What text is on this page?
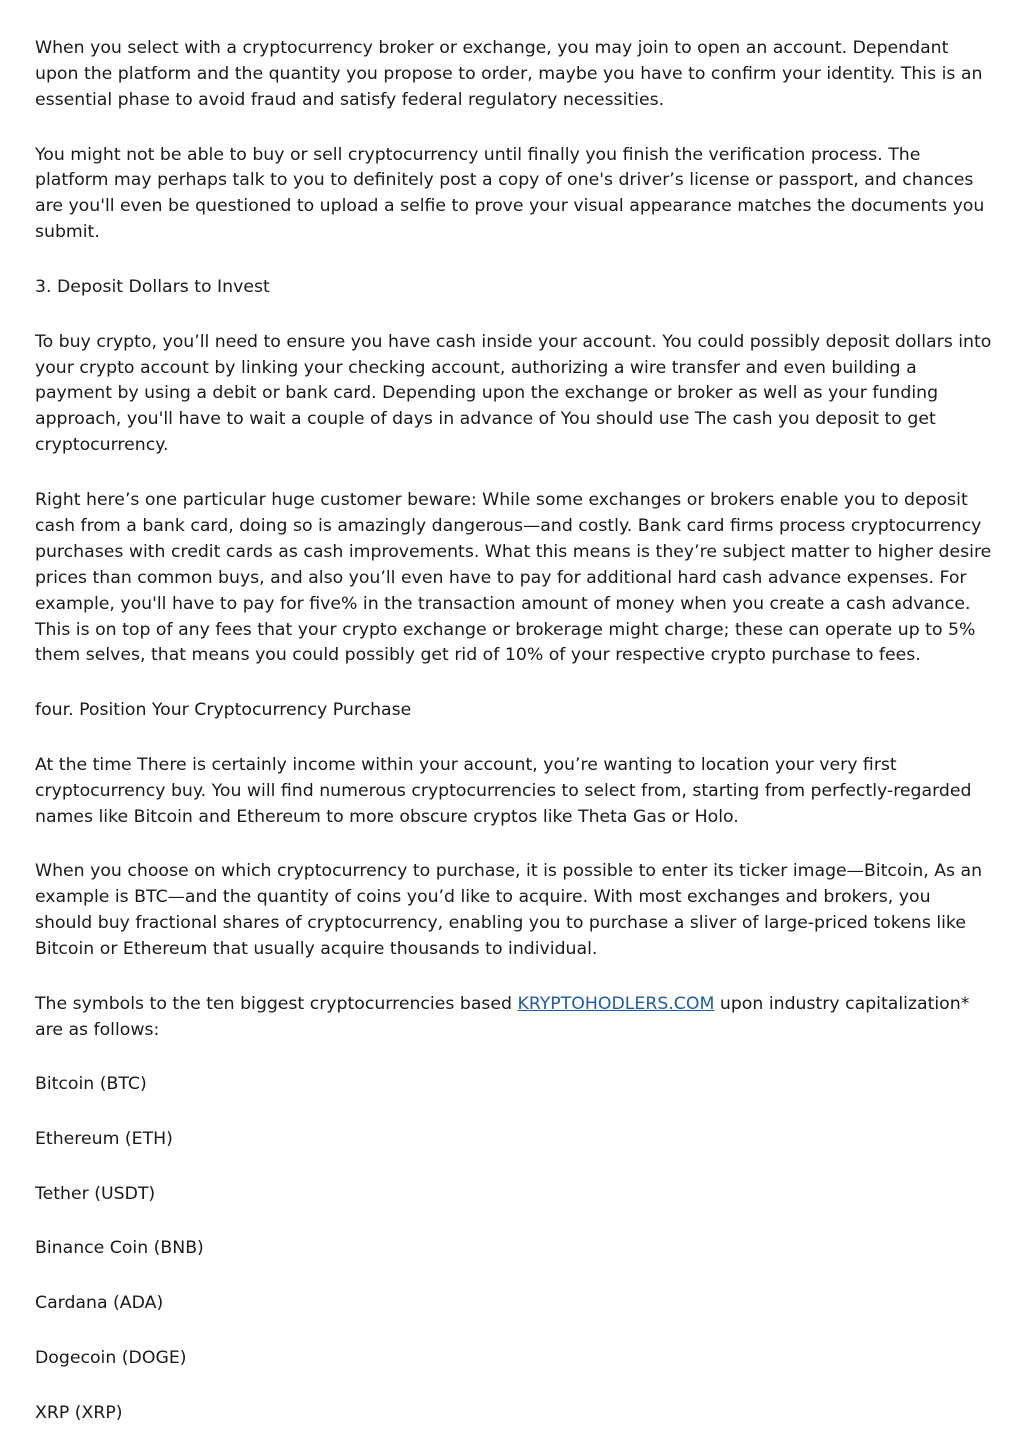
When you select with a cryptocurrency broker or exchange, you may join to open an account. Dependant upon the platform and the quantity you propose to order, maybe you have to confirm your identity. This is an essential phase to avoid fraud and satisfy federal regulatory necessities.

You might not be able to buy or sell cryptocurrency until finally you finish the verification process. The platform may perhaps talk to you to definitely post a copy of one's driver’s license or passport, and chances are you'll even be questioned to upload a selfie to prove your visual appearance matches the documents you submit.

3. Deposit Dollars to Invest

To buy crypto, you’ll need to ensure you have cash inside your account. You could possibly deposit dollars into your crypto account by linking your checking account, authorizing a wire transfer and even building a payment by using a debit or bank card. Depending upon the exchange or broker as well as your funding approach, you'll have to wait a couple of days in advance of You should use The cash you deposit to get cryptocurrency.

Right here’s one particular huge customer beware: While some exchanges or brokers enable you to deposit cash from a bank card, doing so is amazingly dangerous—and costly. Bank card firms process cryptocurrency purchases with credit cards as cash improvements. What this means is they’re subject matter to higher desire prices than common buys, and also you’ll even have to pay for additional hard cash advance expenses. For example, you'll have to pay for five% in the transaction amount of money when you create a cash advance. This is on top of any fees that your crypto exchange or brokerage might charge; these can operate up to 5% them selves, that means you could possibly get rid of 10% of your respective crypto purchase to fees.

four. Position Your Cryptocurrency Purchase

At the time There is certainly income within your account, you’re wanting to location your very first cryptocurrency buy. You will find numerous cryptocurrencies to select from, starting from perfectly-regarded names like Bitcoin and Ethereum to more obscure cryptos like Theta Gas or Holo.

When you choose on which cryptocurrency to purchase, it is possible to enter its ticker image—Bitcoin, As an example is BTC—and the quantity of coins you’d like to acquire. With most exchanges and brokers, you should buy fractional shares of cryptocurrency, enabling you to purchase a sliver of large-priced tokens like Bitcoin or Ethereum that usually acquire thousands to individual.

The symbols to the ten biggest cryptocurrencies based KRYPTOHODLERS.COM upon industry capitalization* are as follows:

Bitcoin (BTC)

Ethereum (ETH)

Tether (USDT)

Binance Coin (BNB)

Cardana (ADA)

Dogecoin (DOGE)

XRP (XRP)
